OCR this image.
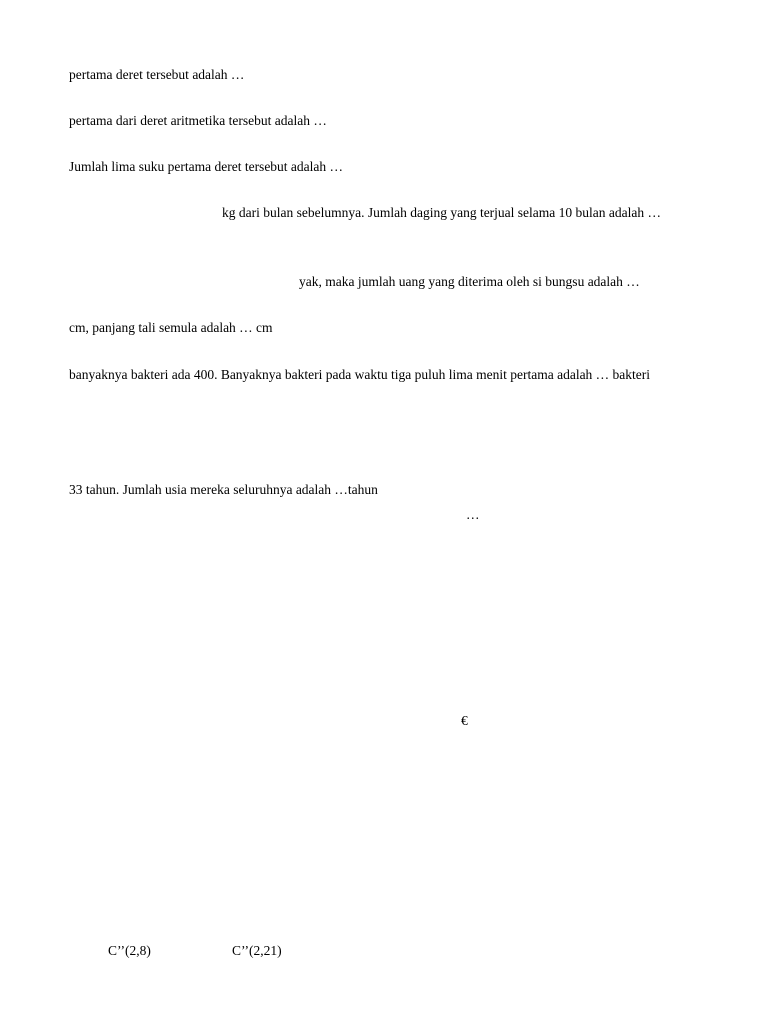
pertama deret tersebut adalah …
pertama dari deret aritmetika tersebut adalah …
Jumlah lima suku pertama deret tersebut adalah …
kg dari bulan sebelumnya. Jumlah daging yang terjual selama 10 bulan adalah …
yak, maka jumlah uang yang diterima oleh si bungsu adalah …
cm, panjang tali semula adalah … cm
banyaknya bakteri ada 400. Banyaknya bakteri pada waktu tiga puluh lima menit pertama adalah … bakteri
33 tahun. Jumlah usia mereka seluruhnya adalah …tahun
…
€
C’’(2,8)	C’’(2,21)
